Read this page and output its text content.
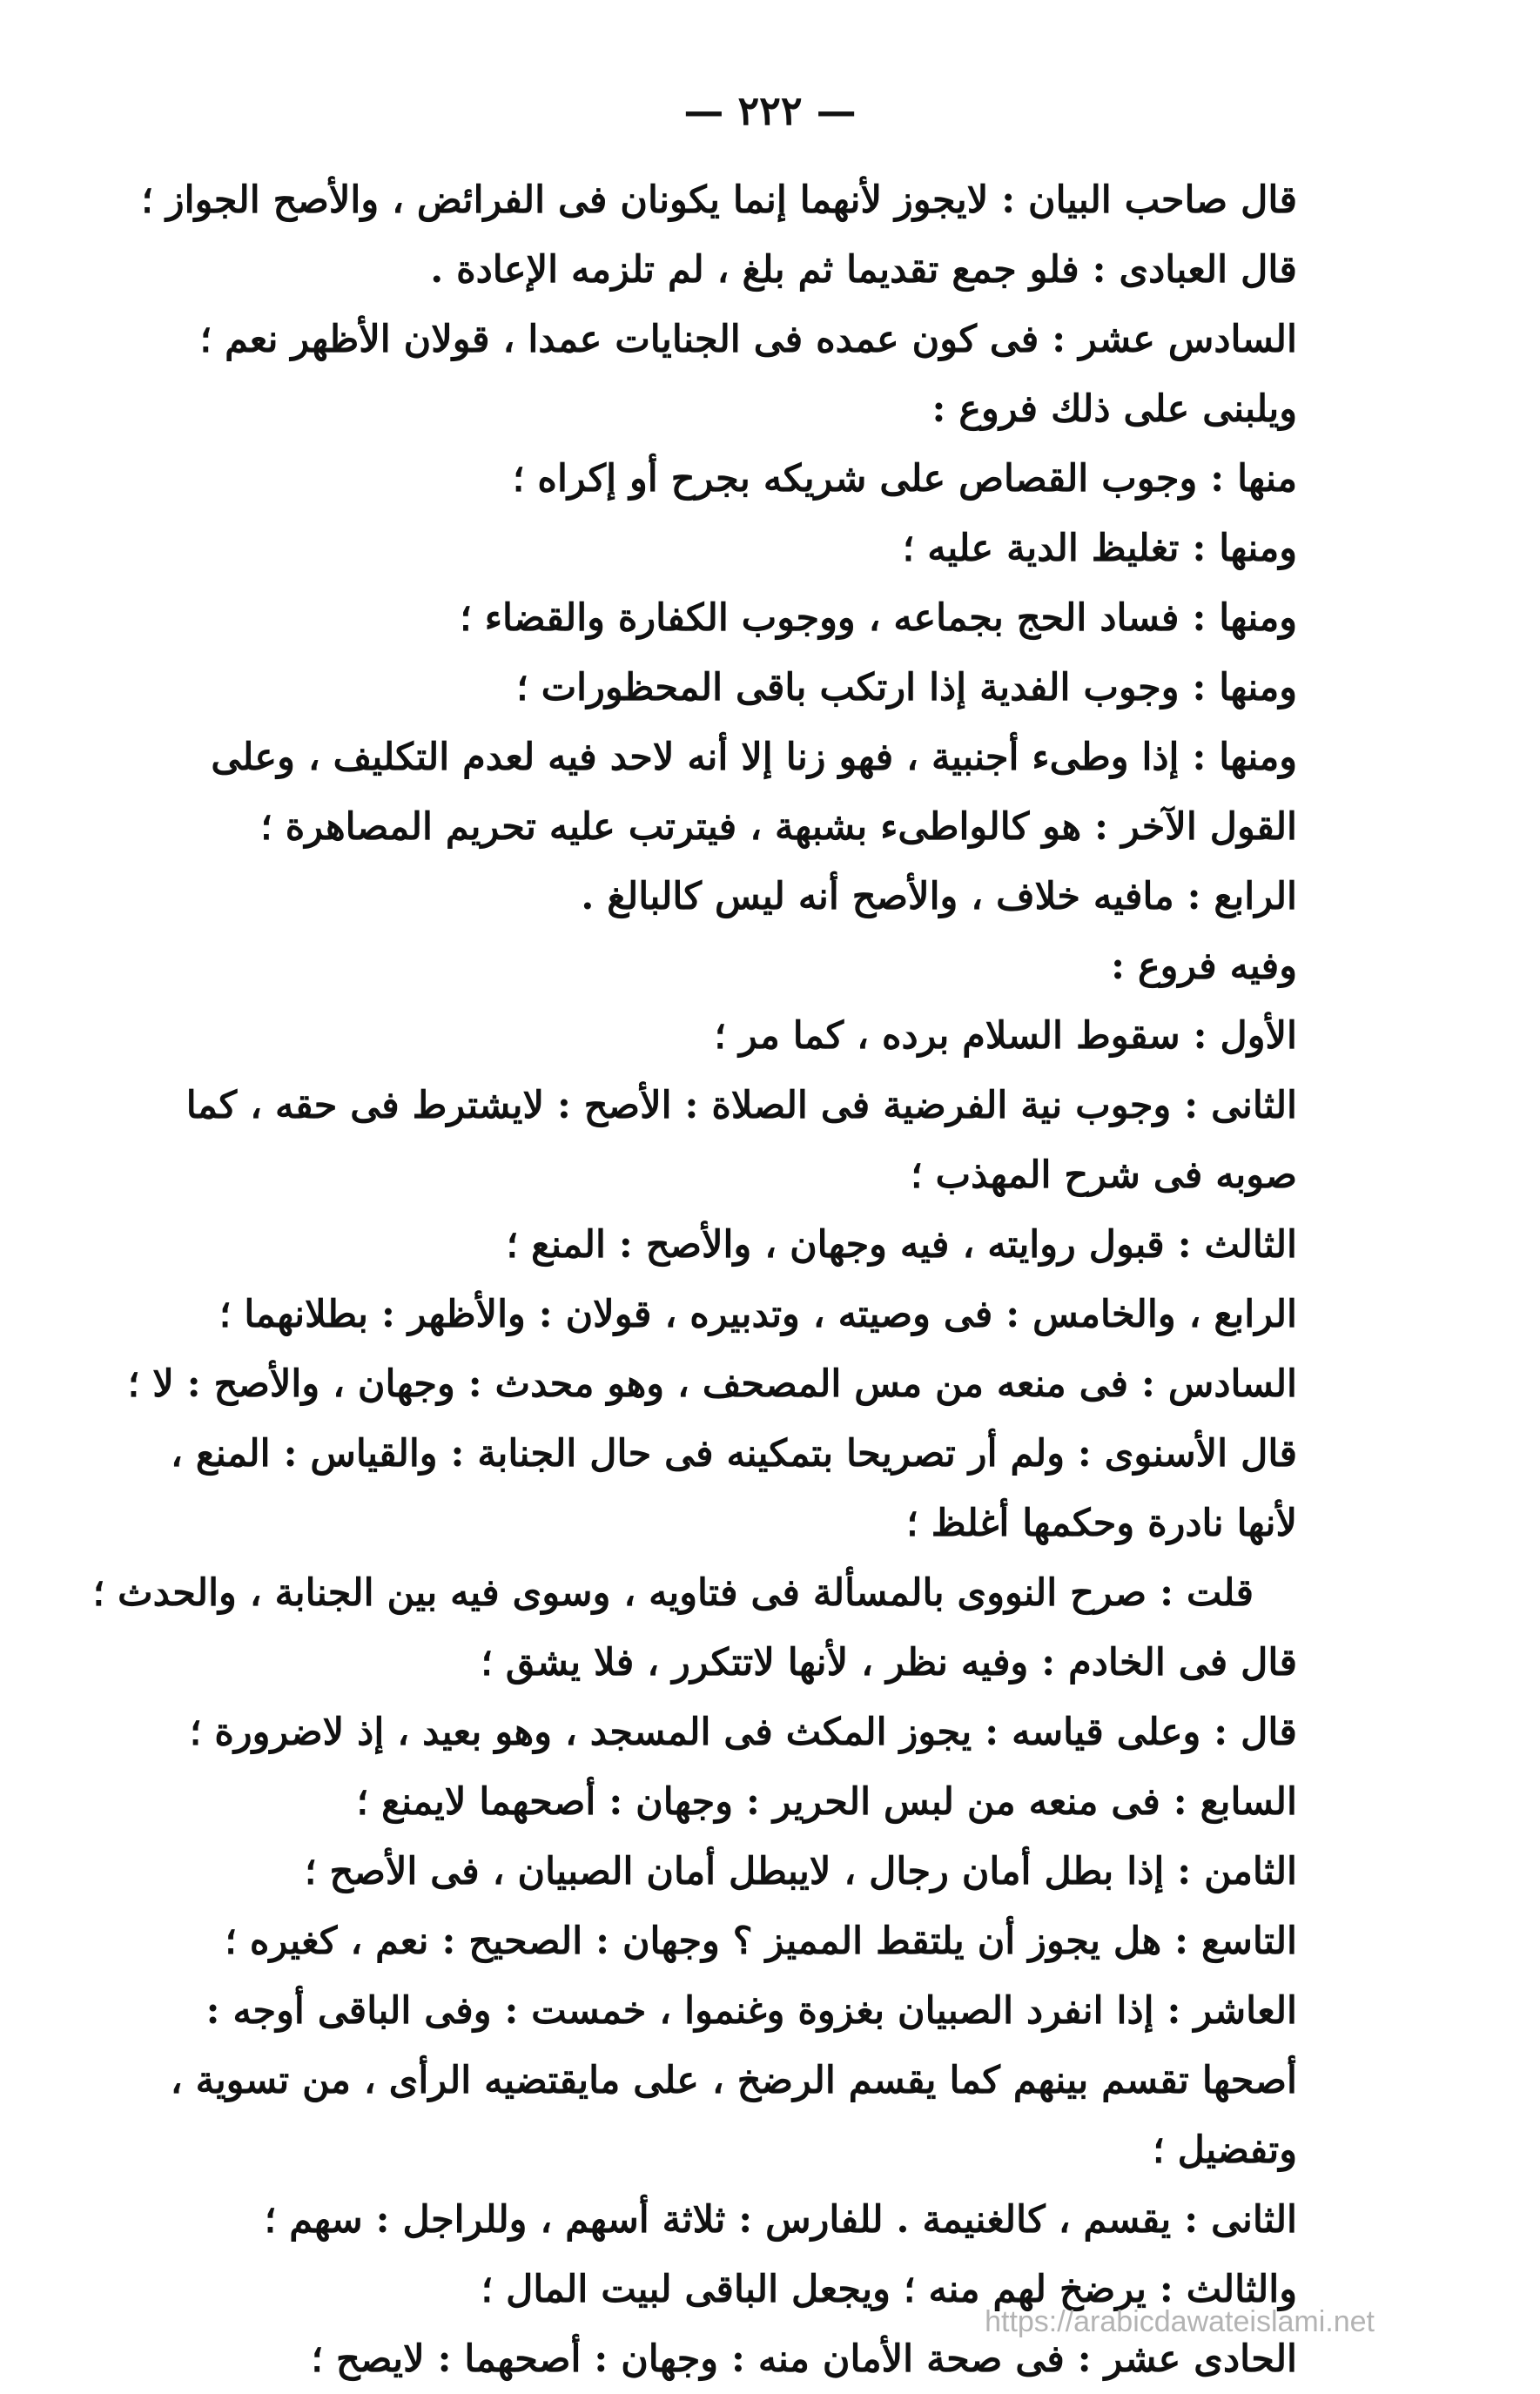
— ٢٢٢ —
قال صاحب البيان : لايجوز لأنهما إنما يكونان فى الفرائض ، والأصح الجواز ؛
قال العبادى : فلو جمع تقديما ثم بلغ ، لم تلزمه الإعادة .
السادس عشر : فى كون عمده فى الجنايات عمدا ، قولان الأظهر نعم ؛
ويلبنى على ذلك فروع :
منها : وجوب القصاص على شريكه بجرح أو إكراه ؛
ومنها : تغليظ الدية عليه ؛
ومنها : فساد الحج بجماعه ، ووجوب الكفارة والقضاء ؛
ومنها : وجوب الفدية إذا ارتكب باقى المحظورات ؛
ومنها : إذا وطىء أجنبية ، فهو زنا إلا أنه لاحد فيه لعدم التكليف ، وعلى القول الآخر : هو كالواطىء بشبهة ، فيترتب عليه تحريم المصاهرة ؛
الرابع : مافيه خلاف ، والأصح أنه ليس كالبالغ .
وفيه فروع :
الأول : سقوط السلام برده ، كما مر ؛
الثانى : وجوب نية الفرضية فى الصلاة : الأصح : لايشترط فى حقه ، كما صوبه فى شرح المهذب ؛
الثالث : قبول روايته ، فيه وجهان ، والأصح : المنع ؛
الرابع ، والخامس : فى وصيته ، وتدبيره ، قولان : والأظهر : بطلانهما ؛
السادس : فى منعه من مس المصحف ، وهو محدث : وجهان ، والأصح : لا ؛
قال الأسنوى : ولم أر تصريحا بتمكينه فى حال الجنابة : والقياس : المنع ، لأنها نادرة وحكمها أغلظ ؛
قلت : صرح النووى بالمسألة فى فتاويه ، وسوى فيه بين الجنابة ، والحدث ؛
قال فى الخادم : وفيه نظر ، لأنها لاتتكرر ، فلا يشق ؛
قال : وعلى قياسه : يجوز المكث فى المسجد ، وهو بعيد ، إذ لاضرورة ؛
السابع : فى منعه من لبس الحرير : وجهان : أصحهما لايمنع ؛
الثامن : إذا بطل أمان رجال ، لايبطل أمان الصبيان ، فى الأصح ؛
التاسع : هل يجوز أن يلتقط المميز ؟ وجهان : الصحيح : نعم ، كغيره ؛
العاشر : إذا انفرد الصبيان بغزوة وغنموا ، خمست : وفى الباقى أوجه : أصحها تقسم بينهم كما يقسم الرضخ ، على مايقتضيه الرأى ، من تسوية ، وتفضيل ؛
الثانى : يقسم ، كالغنيمة . للفارس : ثلاثة أسهم ، وللراجل : سهم ؛
والثالث : يرضخ لهم منه ؛ ويجعل الباقى لبيت المال ؛
الحادى عشر : فى صحة الأمان منه : وجهان : أصحهما : لايصح ؛
https://arabicdawateislami.net
